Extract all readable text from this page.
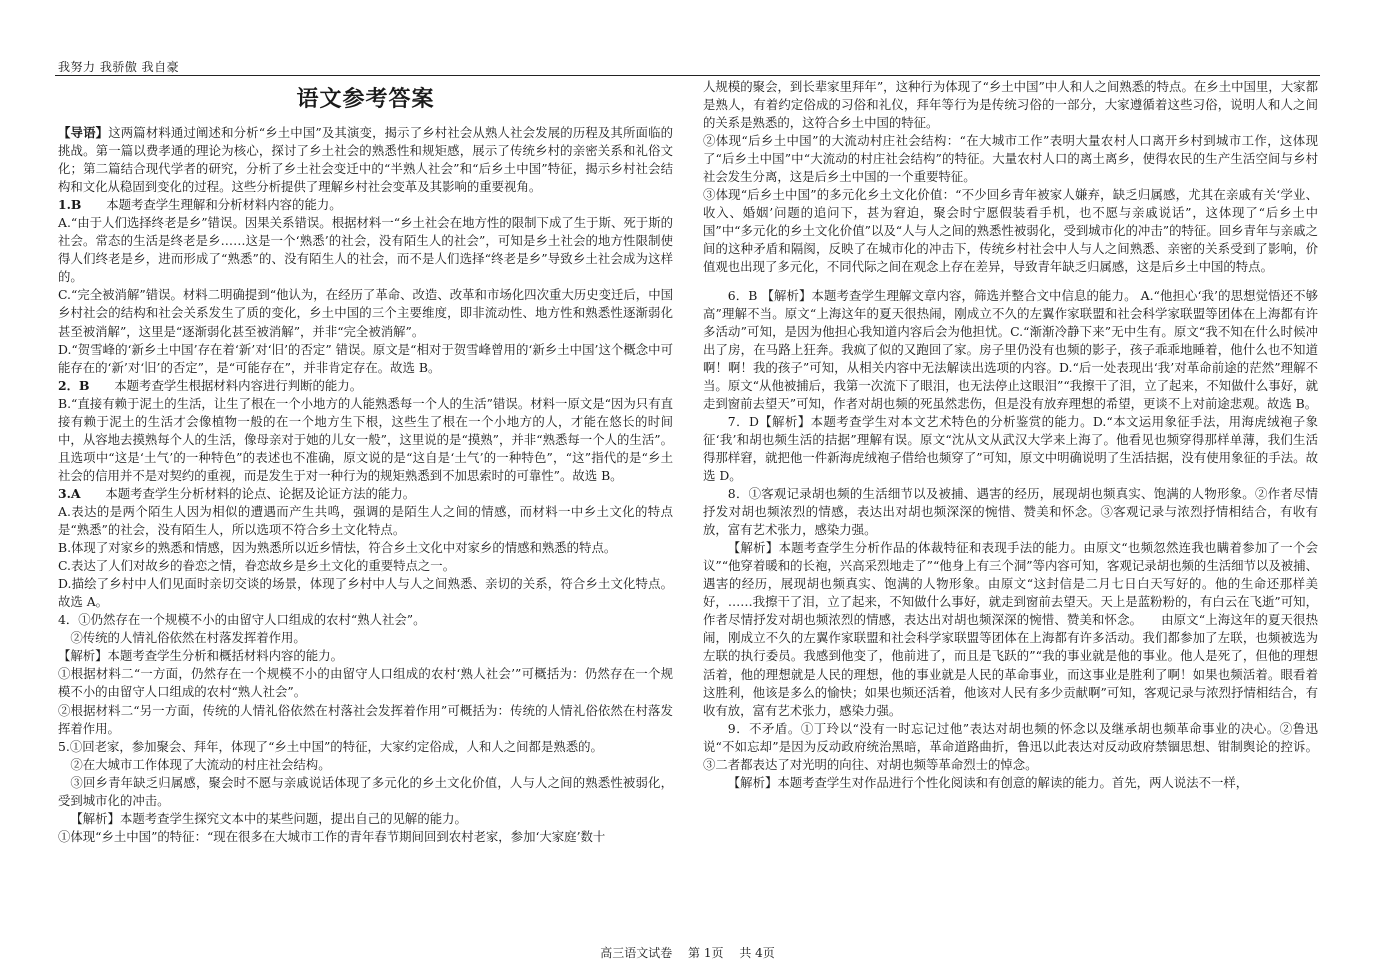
我努力 我骄傲 我自豪

语文参考答案

【导语】这两篇材料通过阐述和分析“乡土中国”及其演变，揭示了乡村社会从熟人社会发展的历程及其所面临的挑战。第一篇以费孝通的理论为核心，探讨了乡土社会的熟悉性和规矩感，展示了传统乡村的亲密关系和礼俗文化；第二篇结合现代学者的研究，分析了乡土社会变迁中的“半熟人社会”和“后乡土中国”特征，揭示乡村社会结构和文化从稳固到变化的过程。这些分析提供了理解乡村社会变革及其影响的重要视角。

1.B   本题考查学生理解和分析材料内容的能力。

A.“由于人们选择终老是乡”错误。因果关系错误。根据材料一“乡土社会在地方性的限制下成了生于斯、死于斯的社会。常态的生活是终老是乡……这是一个‘熟悉’的社会，没有陌生人的社会”，可知是乡土社会的地方性限制使得人们终老是乡，进而形成了“熟悉”的、没有陌生人的社会，而不是人们选择“终老是乡”导致乡土社会成为这样的。

C.“完全被消解”错误。材料二明确提到“他认为，在经历了革命、改造、改革和市场化四次重大历史变迁后，中国乡村社会的结构和社会关系发生了质的变化，乡土中国的三个主要维度，即非流动性、地方性和熟悉性逐渐弱化甚至被消解”，这里是“逐渐弱化甚至被消解”，并非“完全被消解”。

D.“贺雪峰的‘新乡土中国’存在着‘新’对‘旧’的否定” 错误。原文是“相对于贺雪峰曾用的‘新乡土中国’这个概念中可能存在的‘新’对‘旧’的否定”，是“可能存在”，并非肯定存在。故选 B。

2．B   本题考查学生根据材料内容进行判断的能力。

B.“直接有赖于泥土的生活，让生了根在一个小地方的人能熟悉每一个人的生活”错误。材料一原文是“因为只有直接有赖于泥土的生活才会像植物一般的在一个地方生下根，这些生了根在一个小地方的人，才能在悠长的时间中，从容地去摸熟每个人的生活，像母亲对于她的儿女一般”，这里说的是“摸熟”，并非“熟悉每一个人的生活”。且选项中“这是‘土气’的一种特色”的表述也不准确，原文说的是“这自是‘土气’的一种特色”，“这”指代的是“乡土社会的信用并不是对契约的重视，而是发生于对一种行为的规矩熟悉到不加思索时的可靠性”。故选 B。

3.A   本题考查学生分析材料的论点、论据及论证方法的能力。

A.表达的是两个陌生人因为相似的遭遇而产生共鸣，强调的是陌生人之间的情感，而材料一中乡土文化的特点是“熟悉”的社会，没有陌生人，所以选项不符合乡土文化特点。

B.体现了对家乡的熟悉和情感，因为熟悉所以近乡情怯，符合乡土文化中对家乡的情感和熟悉的特点。

C.表达了人们对故乡的眷恋之情，眷恋故乡是乡土文化的重要特点之一。

D.描绘了乡村中人们见面时亲切交谈的场景，体现了乡村中人与人之间熟悉、亲切的关系，符合乡土文化特点。故选 A。

4．①仍然存在一个规模不小的由留守人口组成的农村“熟人社会”。

②传统的人情礼俗依然在村落发挥着作用。

【解析】本题考查学生分析和概括材料内容的能力。

①根据材料二“一方面，仍然存在一个规模不小的由留守人口组成的农村‘熟人社会’”可概括为：仍然存在一个规模不小的由留守人口组成的农村“熟人社会”。

②根据材料二“另一方面，传统的人情礼俗依然在村落社会发挥着作用”可概括为：传统的人情礼俗依然在村落发挥着作用。

5.①回老家，参加聚会、拜年，体现了“乡土中国”的特征，大家约定俗成，人和人之间都是熟悉的。

②在大城市工作体现了大流动的村庄社会结构。

③回乡青年缺乏归属感，聚会时不愿与亲戚说话体现了多元化的乡土文化价值，人与人之间的熟悉性被弱化，受到城市化的冲击。

【解析】本题考查学生探究文本中的某些问题，提出自己的见解的能力。

①体现“乡土中国”的特征：“现在很多在大城市工作的青年春节期间回到农村老家，参加‘大家庭’数十

人规模的聚会，到长辈家里拜年”，这种行为体现了“乡土中国”中人和人之间熟悉的特点。在乡土中国里，大家都是熟人，有着约定俗成的习俗和礼仪，拜年等行为是传统习俗的一部分，大家遵循着这些习俗，说明人和人之间的关系是熟悉的，这符合乡土中国的特征。

②体现“后乡土中国”的大流动村庄社会结构：“在大城市工作”表明大量农村人口离开乡村到城市工作，这体现了“后乡土中国”中“大流动的村庄社会结构”的特征。大量农村人口的离土离乡，使得农民的生产生活空间与乡村社会发生分离，这是后乡土中国的一个重要特征。

③体现“后乡土中国”的多元化乡土文化价值：“不少回乡青年被家人嫌弃，缺乏归属感，尤其在亲戚有关‘学业、收入、婚姻’问题的追问下，甚为窘迫，聚会时宁愿假装看手机，也不愿与亲戚说话”，这体现了“后乡土中国”中“多元化的乡土文化价值”以及“人与人之间的熟悉性被弱化，受到城市化的冲击”的特征。回乡青年与亲戚之间的这种矛盾和隔阂，反映了在城市化的冲击下，传统乡村社会中人与人之间熟悉、亲密的关系受到了影响，价值观也出现了多元化，不同代际之间在观念上存在差异，导致青年缺乏归属感，这是后乡土中国的特点。

6．B 【解析】本题考查学生理解文章内容，筛选并整合文中信息的能力。 A.“他担心‘我’的思想觉悟还不够高”理解不当。原文“上海这年的夏天很热闹，刚成立不久的左翼作家联盟和社会科学家联盟等团体在上海都有许多活动”可知，是因为他担心我知道内容后会为他担忧。C.“渐渐冷静下来”无中生有。原文“我不知在什么时候冲出了房，在马路上狂奔。我疯了似的又跑回了家。房子里仍没有也频的影子，孩子乖乖地睡着，他什么也不知道啊！啊！我的孩子”可知，从相关内容中无法解读出选项的内容。D.“后一处表现出‘我’对革命前途的茫然”理解不当。原文“从他被捕后，我第一次流下了眼泪，也无法停止这眼泪”“我擦干了泪，立了起来，不知做什么事好，就走到窗前去望天”可知，作者对胡也频的死虽然悲伤，但是没有放弃理想的希望，更谈不上对前途悲观。故选 B。

7．D【解析】本题考查学生对本文艺术特色的分析鉴赏的能力。D.“本文运用象征手法，用海虎绒袍子象征‘我’和胡也频生活的拮据”理解有误。原文“沈从文从武汉大学来上海了。他看见也频穿得那样单薄，我们生活得那样窘，就把他一件新海虎绒袍子借给也频穿了”可知，原文中明确说明了生活拮据，没有使用象征的手法。故选 D。

8．①客观记录胡也频的生活细节以及被捕、遇害的经历，展现胡也频真实、饱满的人物形象。②作者尽情抒发对胡也频浓烈的情感，表达出对胡也频深深的惋惜、赞美和怀念。③客观记录与浓烈抒情相结合，有收有放，富有艺术张力，感染力强。

【解析】本题考查学生分析作品的体裁特征和表现手法的能力。由原文“也频忽然连我也瞒着参加了一个会议”“他穿着暖和的长袍，兴高采烈地走了”“他身上有三个洞”等内容可知，客观记录胡也频的生活细节以及被捕、遇害的经历，展现胡也频真实、饱满的人物形象。由原文“这封信是二月七日白天写好的。他的生命还那样美好，……我擦干了泪，立了起来，不知做什么事好，就走到窗前去望天。天上是蓝粉粉的，有白云在飞逝”可知，作者尽情抒发对胡也频浓烈的情感，表达出对胡也频深深的惋惜、赞美和怀念。　　由原文“上海这年的夏天很热闹，刚成立不久的左翼作家联盟和社会科学家联盟等团体在上海都有许多活动。我们都参加了左联，也频被选为左联的执行委员。我感到他变了，他前进了，而且是飞跃的”“我的事业就是他的事业。他人是死了，但他的理想活着，他的理想就是人民的理想，他的事业就是人民的革命事业，而这事业是胜利了啊！如果也频活着。眼看着这胜利，他该是多么的愉快；如果也频还活着，他该对人民有多少贡献啊”可知，客观记录与浓烈抒情相结合，有收有放，富有艺术张力，感染力强。

9．不矛盾。①丁玲以“没有一时忘记过他”表达对胡也频的怀念以及继承胡也频革命事业的决心。②鲁迅说“不如忘却”是因为反动政府统治黑暗，革命道路曲折，鲁迅以此表达对反动政府禁锢思想、钳制舆论的控诉。③二者都表达了对光明的向往、对胡也频等革命烈士的悼念。

【解析】本题考查学生对作品进行个性化阅读和有创意的解读的能力。首先，两人说法不一样，

高三语文试卷 第 1页 共 4页
